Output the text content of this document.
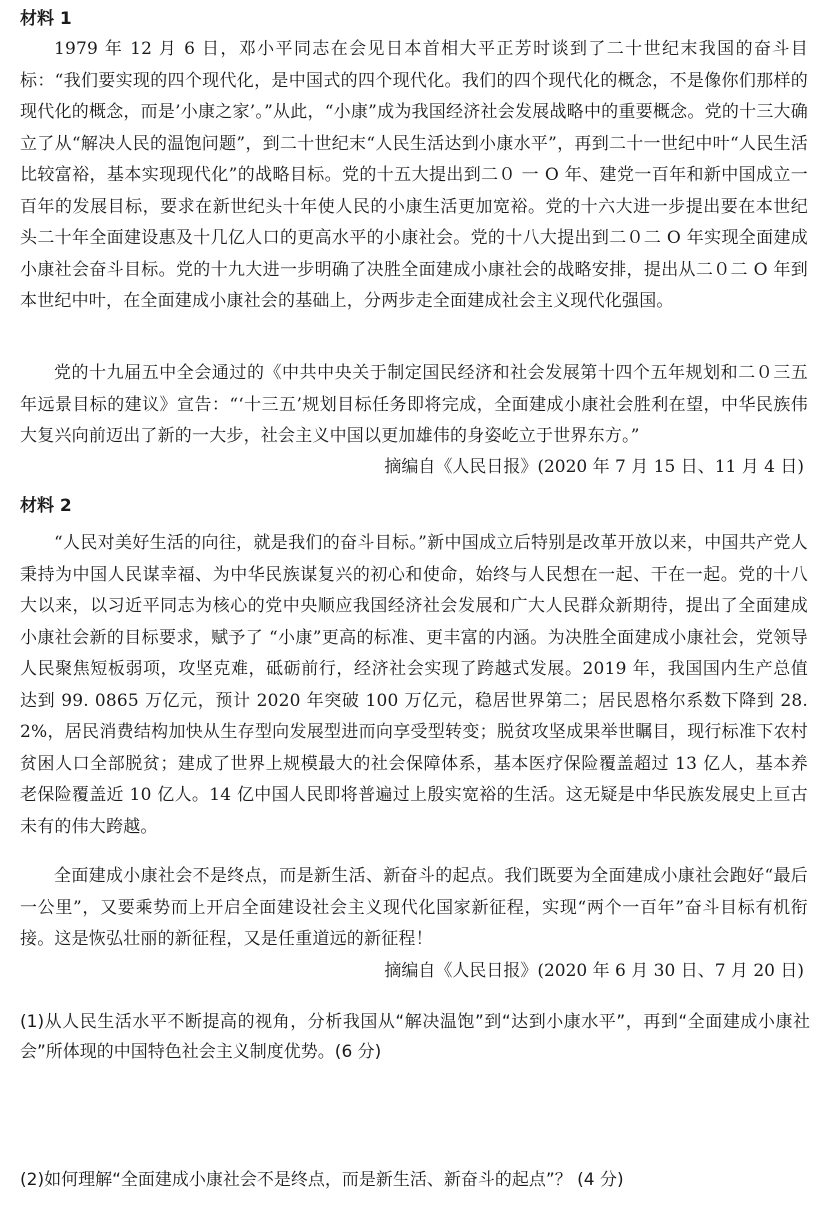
材料 1

1979 年 12 月 6 日，邓小平同志在会见日本首相大平正芳时谈到了二十世纪末我国的奋斗目标：“我们要实现的四个现代化，是中国式的四个现代化。我们的四个现代化的概念，不是像你们那样的现代化的概念，而是’小康之家’。”从此，“小康”成为我国经济社会发展战略中的重要概念。党的十三大确立了从“解决人民的温饱问题”，到二十世纪末“人民生活达到小康水平”，再到二十一世纪中叶“人民生活比较富裕，基本实现现代化”的战略目标。党的十五大提出到二０ 一 O 年、建党一百年和新中国成立一百年的发展目标，要求在新世纪头十年使人民的小康生活更加宽裕。党的十六大进一步提出要在本世纪头二十年全面建设惠及十几亿人口的更高水平的小康社会。党的十八大提出到二０二 O 年实现全面建成小康社会奋斗目标。党的十九大进一步明确了决胜全面建成小康社会的战略安排，提出从二０二 O 年到本世纪中叶，在全面建成小康社会的基础上，分两步走全面建成社会主义现代化强国。

党的十九届五中全会通过的《中共中央关于制定国民经济和社会发展第十四个五年规划和二０三五年远景目标的建议》宣告：“‘十三五’规划目标任务即将完成，全面建成小康社会胜利在望，中华民族伟大复兴向前迈出了新的一大步，社会主义中国以更加雄伟的身姿屹立于世界东方。”

摘编自《人民日报》(2020 年 7 月 15 日、11 月 4 日)

材料 2

“人民对美好生活的向往，就是我们的奋斗目标。”新中国成立后特别是改革开放以来，中国共产党人秉持为中国人民谋幸福、为中华民族谋复兴的初心和使命，始终与人民想在一起、干在一起。党的十八大以来，以习近平同志为核心的党中央顺应我国经济社会发展和广大人民群众新期待，提出了全面建成小康社会新的目标要求，赋予了 “小康”更高的标准、更丰富的内涵。为决胜全面建成小康社会，党领导人民聚焦短板弱项，攻坚克难，砥砺前行，经济社会实现了跨越式发展。2019 年，我国国内生产总值达到 99. 0865 万亿元，预计 2020 年突破 100 万亿元，稳居世界第二；居民恩格尔系数下降到 28. 2%，居民消费结构加快从生存型向发展型进而向享受型转变；脱贫攻坚成果举世瞩目，现行标准下农村贫困人口全部脱贫；建成了世界上规模最大的社会保障体系，基本医疗保险覆盖超过 13 亿人，基本养老保险覆盖近 10 亿人。14 亿中国人民即将普遍过上殷实宽裕的生活。这无疑是中华民族发展史上亘古未有的伟大跨越。

全面建成小康社会不是终点，而是新生活、新奋斗的起点。我们既要为全面建成小康社会跑好“最后一公里”，又要乘势而上开启全面建设社会主义现代化国家新征程，实现“两个一百年”奋斗目标有机衔接。这是恢弘壮丽的新征程，又是任重道远的新征程！

摘编自《人民日报》(2020 年 6 月 30 日、7 月 20 日)

(1)从人民生活水平不断提高的视角，分析我国从“解决温饱”到“达到小康水平”，再到“全面建成小康社会”所体现的中国特色社会主义制度优势。(6 分)

(2)如何理解“全面建成小康社会不是终点，而是新生活、新奋斗的起点”？ (4 分)
